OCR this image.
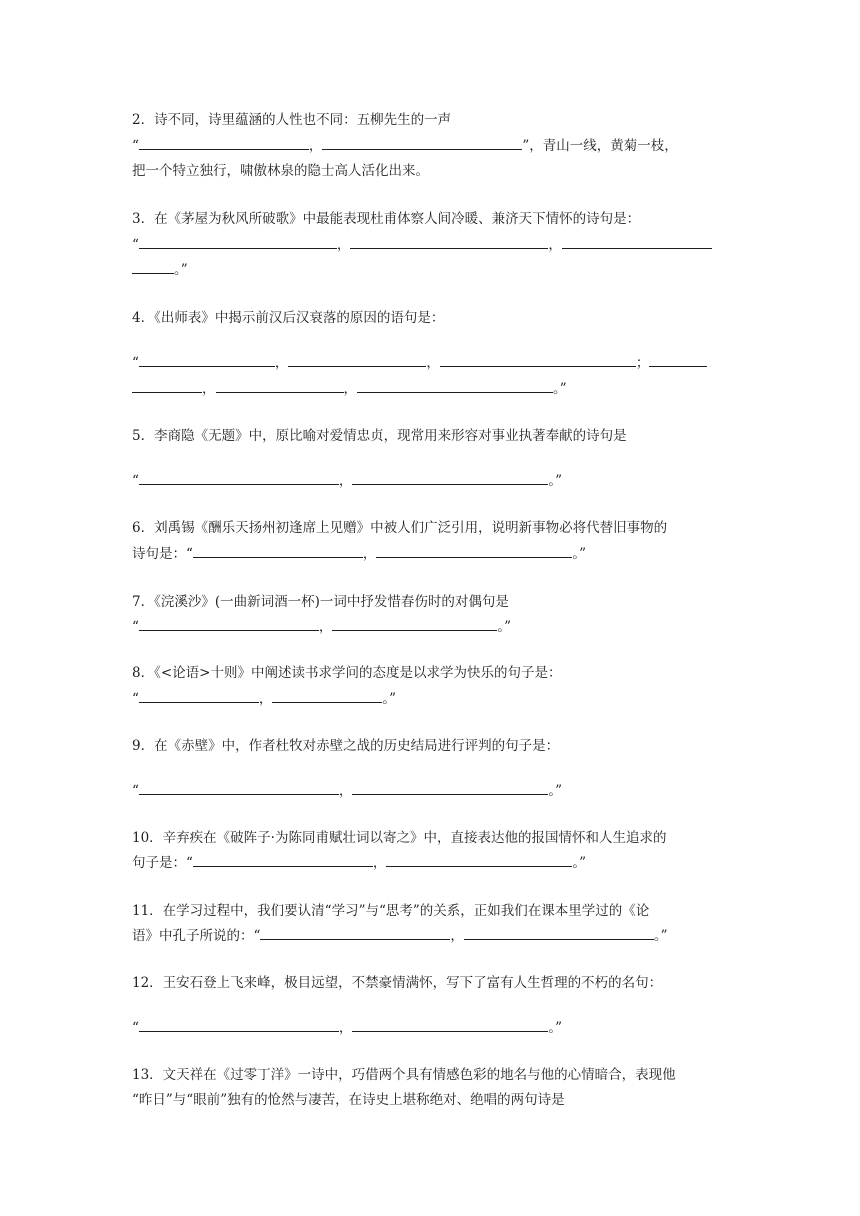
2．诗不同，诗里蕴涵的人性也不同：五柳先生的一声
“	，	”，青山一线，黄菊一枝，
把一个特立独行，啸傲林泉的隐士高人活化出来。
3．在《茅屋为秋风所破歌》中最能表现杜甫体察人间冷暖、兼济天下情怀的诗句是：
“	，	，
。”
4．《出师表》中揭示前汉后汉衰落的原因的语句是：
“	，	，	；
，	，	。”
5．李商隐《无题》中，原比喻对爱情忠贞，现常用来形容对事业执著奉献的诗句是
“	，	。”
6．刘禹锡《酬乐天扬州初逢席上见赠》中被人们广泛引用，说明新事物必将代替旧事物的
诗句是：“	，	。”
7．《浣溪沙》(一曲新词酒一杯)一词中抒发惜春伤时的对偶句是
“	，	。”
8．《<论语>十则》中阐述读书求学问的态度是以求学为快乐的句子是：
“	，	。”
9．在《赤壁》中，作者杜牧对赤壁之战的历史结局进行评判的句子是：
“	，	。”
10．辛弃疾在《破阵子·为陈同甫赋壮词以寄之》中，直接表达他的报国情怀和人生追求的
句子是：“	，	。”
11．在学习过程中，我们要认清“学习”与“思考”的关系，正如我们在课本里学过的《论
语》中孔子所说的：“	，	。”
12．王安石登上飞来峰，极目远望，不禁豪情满怀，写下了富有人生哲理的不朽的名句：
“	，	。”
13．文天祥在《过零丁洋》一诗中，巧借两个具有情感色彩的地名与他的心情暗合，表现他
“昨日”与“眼前”独有的怆然与凄苦，在诗史上堪称绝对、绝唱的两句诗是
